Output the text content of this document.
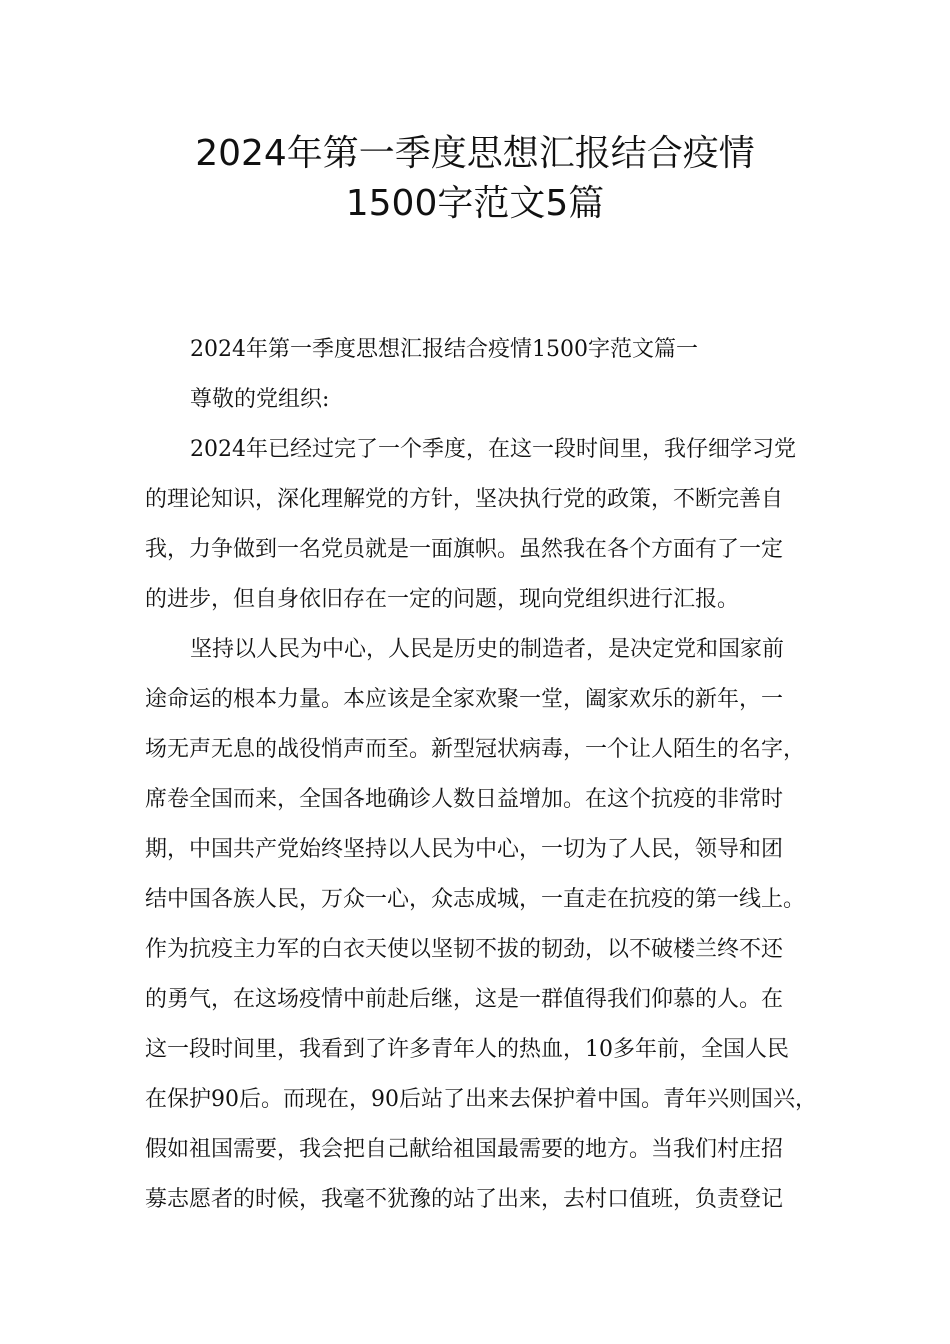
2024年第一季度思想汇报结合疫情
1500字范文5篇
2024年第一季度思想汇报结合疫情1500字范文篇一
尊敬的党组织:
2024年已经过完了一个季度，在这一段时间里，我仔细学习党
的理论知识，深化理解党的方针，坚决执行党的政策，不断完善自
我，力争做到一名党员就是一面旗帜。虽然我在各个方面有了一定
的进步，但自身依旧存在一定的问题，现向党组织进行汇报。
坚持以人民为中心，人民是历史的制造者，是决定党和国家前
途命运的根本力量。本应该是全家欢聚一堂，阖家欢乐的新年，一
场无声无息的战役悄声而至。新型冠状病毒，一个让人陌生的名字，
席卷全国而来，全国各地确诊人数日益增加。在这个抗疫的非常时
期，中国共产党始终坚持以人民为中心，一切为了人民，领导和团
结中国各族人民，万众一心，众志成城，一直走在抗疫的第一线上。
作为抗疫主力军的白衣天使以坚韧不拔的韧劲，以不破楼兰终不还
的勇气，在这场疫情中前赴后继，这是一群值得我们仰慕的人。在
这一段时间里，我看到了许多青年人的热血，10多年前，全国人民
在保护90后。而现在，90后站了出来去保护着中国。青年兴则国兴，
假如祖国需要，我会把自己献给祖国最需要的地方。当我们村庄招
募志愿者的时候，我毫不犹豫的站了出来，去村口值班，负责登记
